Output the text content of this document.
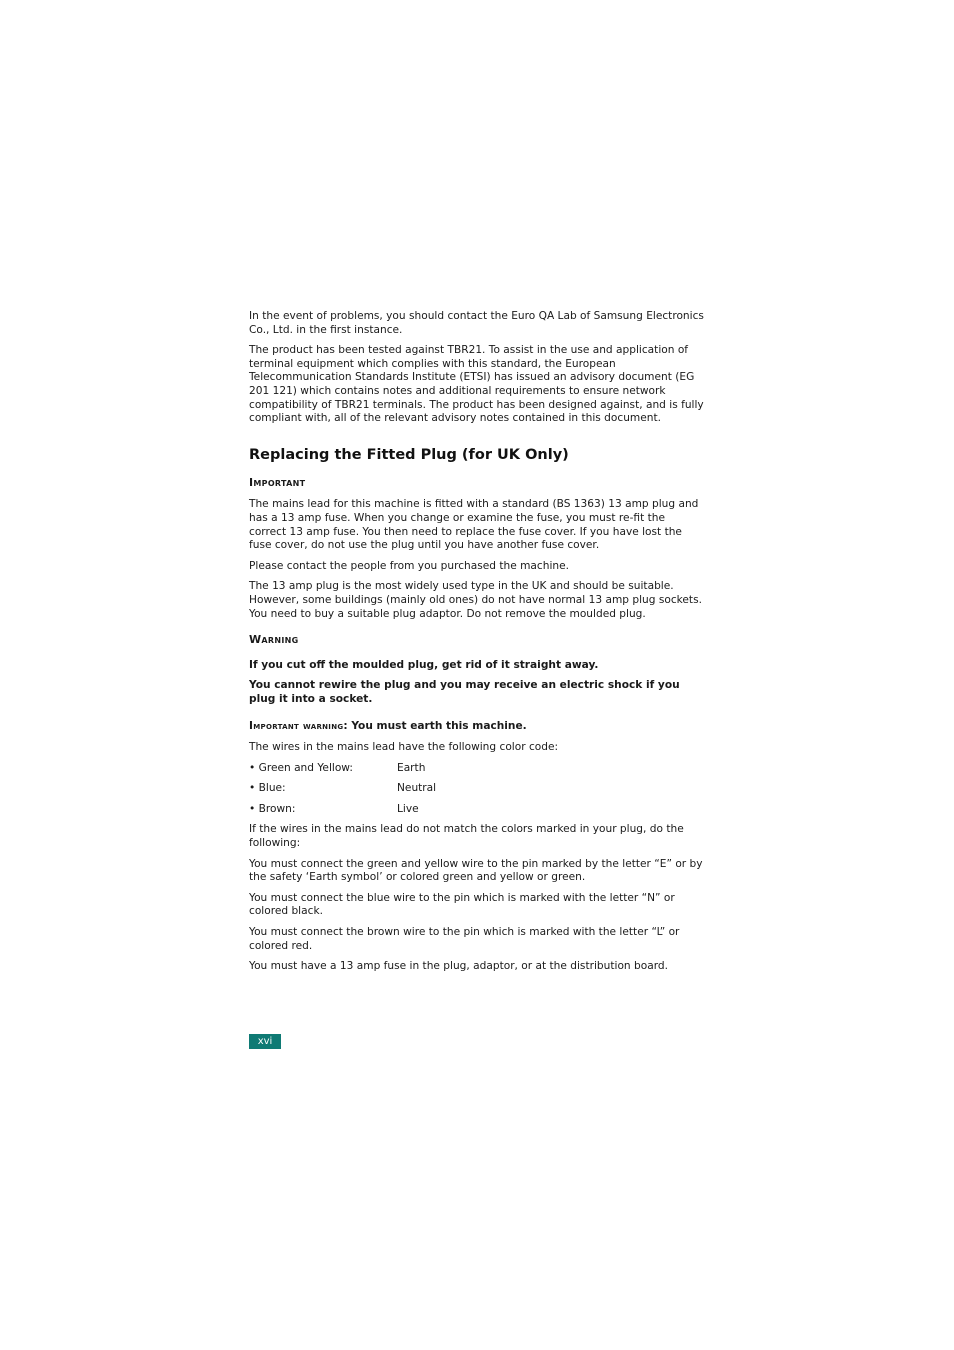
In the event of problems, you should contact the Euro QA Lab of Samsung Electronics Co., Ltd. in the first instance.

The product has been tested against TBR21. To assist in the use and application of terminal equipment which complies with this standard, the European Telecommunication Standards Institute (ETSI) has issued an advisory document (EG 201 121) which contains notes and additional requirements to ensure network compatibility of TBR21 terminals. The product has been designed against, and is fully compliant with, all of the relevant advisory notes contained in this document.

Replacing the Fitted Plug (for UK Only)
Important

The mains lead for this machine is fitted with a standard (BS 1363) 13 amp plug and has a 13 amp fuse. When you change or examine the fuse, you must re-fit the correct 13 amp fuse. You then need to replace the fuse cover. If you have lost the fuse cover, do not use the plug until you have another fuse cover.

Please contact the people from you purchased the machine.

The 13 amp plug is the most widely used type in the UK and should be suitable. However, some buildings (mainly old ones) do not have normal 13 amp plug sockets. You need to buy a suitable plug adaptor. Do not remove the moulded plug.

Warning

If you cut off the moulded plug, get rid of it straight away.

You cannot rewire the plug and you may receive an electric shock if you plug it into a socket.

Important warning: You must earth this machine.

The wires in the mains lead have the following color code:

• Green and Yellow:	Earth
• Blue:	Neutral
• Brown:	Live

If the wires in the mains lead do not match the colors marked in your plug, do the following:

You must connect the green and yellow wire to the pin marked by the letter “E” or by the safety ‘Earth symbol’ or colored green and yellow or green.

You must connect the blue wire to the pin which is marked with the letter “N” or colored black.

You must connect the brown wire to the pin which is marked with the letter “L” or colored red.

You must have a 13 amp fuse in the plug, adaptor, or at the distribution board.

xvi
